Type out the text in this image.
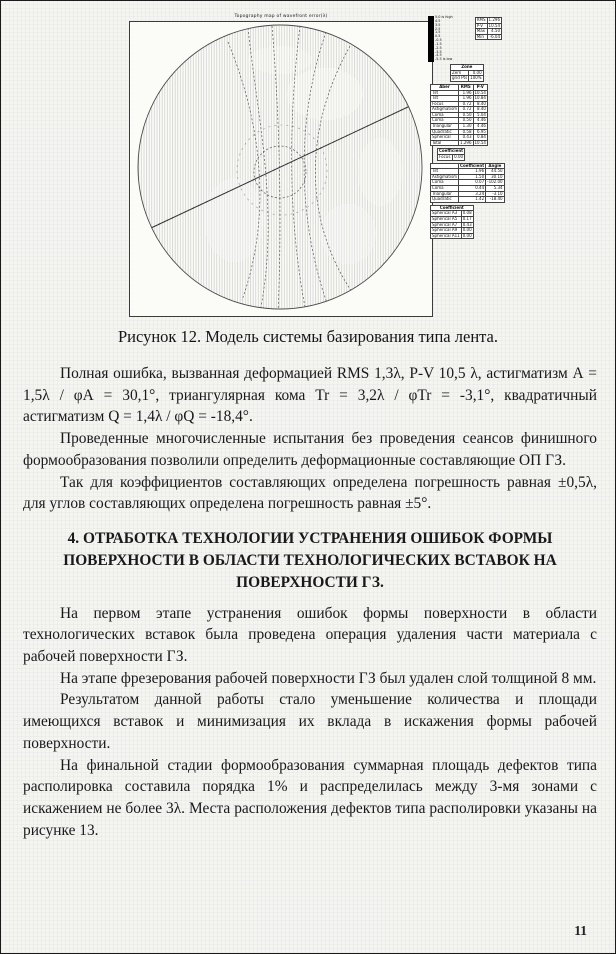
Topography map of wavefront error(λ)	5.0 is high
4.5
3.5
2.5
1.5
0.5
-0.5
-1.5
-2.5
-3.5
-4.5
-5.5 is low
RMS	1.296
P-V	10.54
Max	4.50
Min	-6.04
Zone	
Zern	0.00
grid Pts	100%
Aber	RMS	P-V
Tilt	1.96	10.54
Tilt	1.96	10.84
Focus	0.72	8.40
Astigmatism	0.72	8.40
Coma	0.50	5.04
Coma	0.50	4.46
Triangular	1.30	4.46
Quadratic	0.58	6.95
Spherical	0.43	0.84
Total	1.296	10.54
Coefficient
Focus	0.00
	Coefficient	Angle
Tilt	1.96	44.50
Astigmatism	1.50	30.10
Coma	0.07	-102.00
Coma	0.44	5.34
Triangular	3.24	-3.10
Quadratic	1.42	-18.40
Coefficient	
Spherical A3	0.08
Spherical A5	0.17
Spherical A7	0.43
Spherical A9	0.00
Spherical A11	0.00
Рисунок 12. Модель системы базирования типа лента.

Полная ошибка, вызванная деформацией RMS 1,3λ, P-V 10,5 λ, астигматизм А = 1,5λ / φА = 30,1°, триангулярная кома Tr = 3,2λ / φTr = -3,1°, квадратичный астигматизм Q = 1,4λ / φQ = -18,4°.

Проведенные многочисленные испытания без проведения сеансов финишного формообразования позволили определить деформационные составляющие ОП ГЗ.

Так для коэффициентов составляющих определена погрешность равная ±0,5λ, для углов составляющих определена погрешность равная ±5°.

4. ОТРАБОТКА ТЕХНОЛОГИИ УСТРАНЕНИЯ ОШИБОК ФОРМЫ ПОВЕРХНОСТИ В ОБЛАСТИ ТЕХНОЛОГИЧЕСКИХ ВСТАВОК НА ПОВЕРХНОСТИ ГЗ.

На первом этапе устранения ошибок формы поверхности в области технологических вставок была проведена операция удаления части материала с рабочей поверхности ГЗ.

На этапе фрезерования рабочей поверхности ГЗ был удален слой толщиной 8 мм.

Результатом данной работы стало уменьшение количества и площади имеющихся вставок и минимизация их вклада в искажения формы рабочей поверхности.

На финальной стадии формообразования суммарная площадь дефектов типа располировка составила порядка 1% и распределилась между 3-мя зонами с искажением не более 3λ. Места расположения дефектов типа располировки указаны на рисунке 13.

11
